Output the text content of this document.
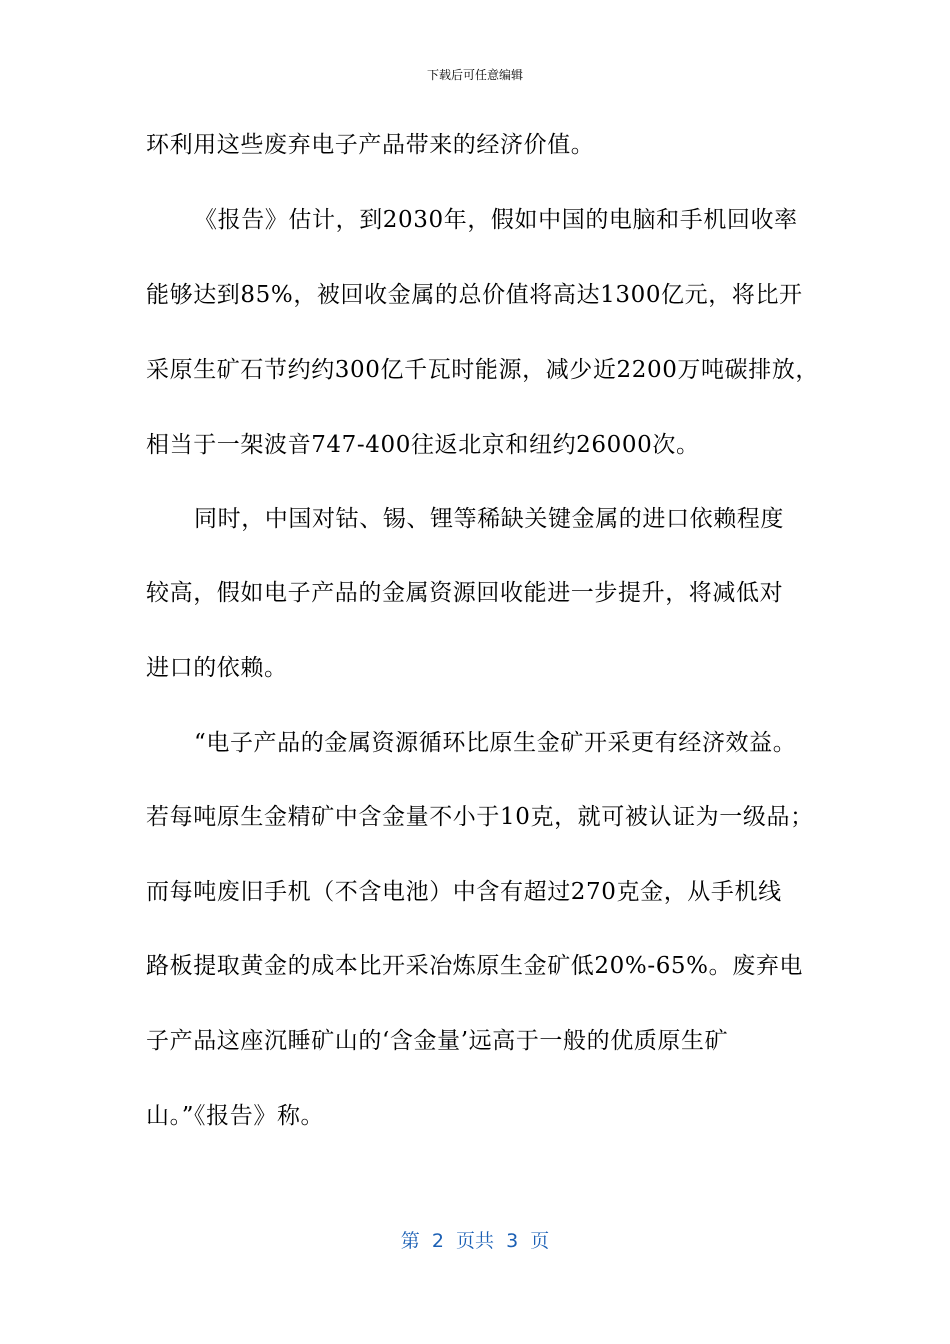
下载后可任意编辑
环利用这些废弃电子产品带来的经济价值。
《报告》估计，到2030年，假如中国的电脑和手机回收率
能够达到85%，被回收金属的总价值将高达1300亿元，将比开
采原生矿石节约约300亿千瓦时能源，减少近2200万吨碳排放，
相当于一架波音747-400往返北京和纽约26000次。
同时，中国对钴、锡、锂等稀缺关键金属的进口依赖程度
较高，假如电子产品的金属资源回收能进一步提升，将减低对
进口的依赖。
“电子产品的金属资源循环比原生金矿开采更有经济效益。
若每吨原生金精矿中含金量不小于10克，就可被认证为一级品；
而每吨废旧手机（不含电池）中含有超过270克金，从手机线
路板提取黄金的成本比开采冶炼原生金矿低20%-65%。废弃电
子产品这座沉睡矿山的‘含金量’远高于一般的优质原生矿
山。”《报告》称。
第  2  页共  3  页
